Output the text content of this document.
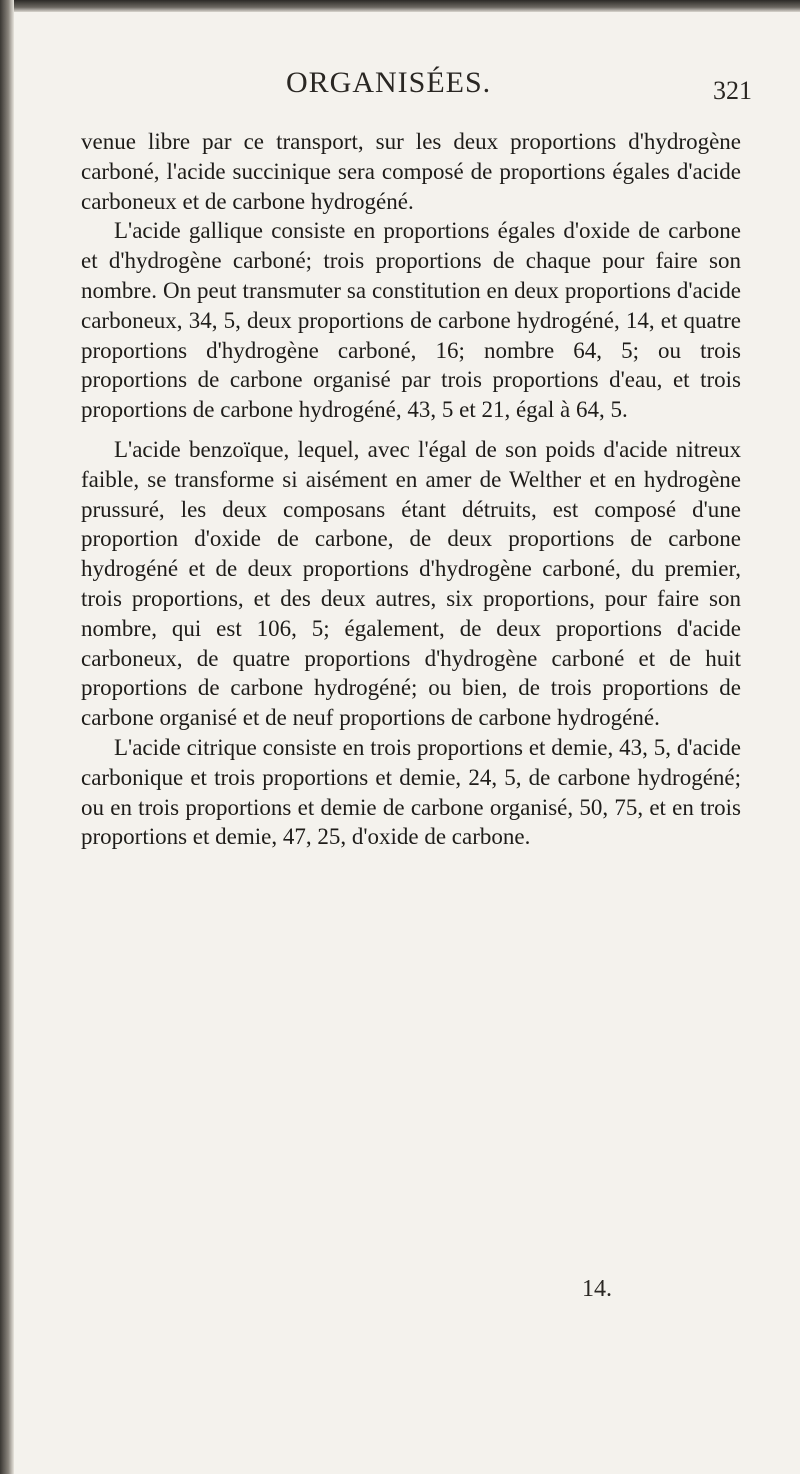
ORGANISÉES.	321

venue libre par ce transport, sur les deux proportions d'hydrogène carboné, l'acide succinique sera composé de proportions égales d'acide carboneux et de carbone hydrogéné.

L'acide gallique consiste en proportions égales d'oxide de carbone et d'hydrogène carboné; trois proportions de chaque pour faire son nombre. On peut transmuter sa constitution en deux proportions d'acide carboneux, 34, 5, deux proportions de carbone hydrogéné, 14, et quatre proportions d'hydrogène carboné, 16; nombre 64, 5; ou trois proportions de carbone organisé par trois proportions d'eau, et trois proportions de carbone hydrogéné, 43, 5 et 21, égal à 64, 5.

L'acide benzoïque, lequel, avec l'égal de son poids d'acide nitreux faible, se transforme si aisément en amer de Welther et en hydrogène prussuré, les deux composans étant détruits, est composé d'une proportion d'oxide de carbone, de deux proportions de carbone hydrogéné et de deux proportions d'hydrogène carboné, du premier, trois proportions, et des deux autres, six proportions, pour faire son nombre, qui est 106, 5; également, de deux proportions d'acide carboneux, de quatre proportions d'hydrogène carboné et de huit proportions de carbone hydrogéné; ou bien, de trois proportions de carbone organisé et de neuf proportions de carbone hydrogéné.

L'acide citrique consiste en trois proportions et demie, 43, 5, d'acide carbonique et trois proportions et demie, 24, 5, de carbone hydrogéné; ou en trois proportions et demie de carbone organisé, 50, 75, et en trois proportions et demie, 47, 25, d'oxide de carbone.

14.
